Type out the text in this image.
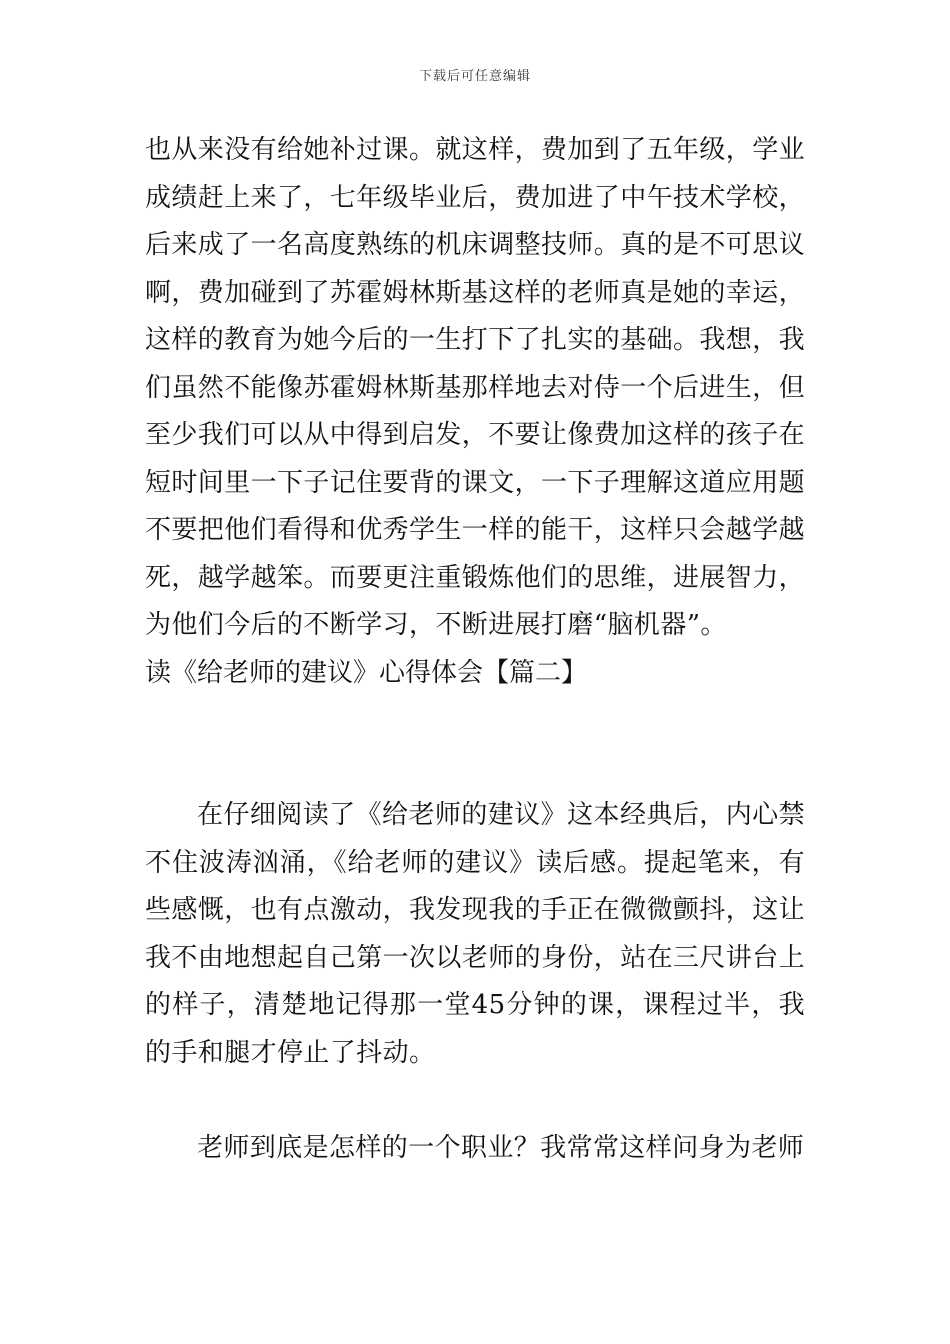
下载后可任意编辑

也从来没有给她补过课。就这样，费加到了五年级，学业成绩赶上来了，七年级毕业后，费加进了中午技术学校，后来成了一名高度熟练的机床调整技师。真的是不可思议啊，费加碰到了苏霍姆林斯基这样的老师真是她的幸运，这样的教育为她今后的一生打下了扎实的基础。我想，我们虽然不能像苏霍姆林斯基那样地去对侍一个后进生，但至少我们可以从中得到启发，不要让像费加这样的孩子在短时间里一下子记住要背的课文，一下子理解这道应用题不要把他们看得和优秀学生一样的能干，这样只会越学越死，越学越笨。而要更注重锻炼他们的思维，进展智力，为他们今后的不断学习，不断进展打磨“脑机器”。

读《给老师的建议》心得体会【篇二】

在仔细阅读了《给老师的建议》这本经典后，内心禁不住波涛汹涌，《给老师的建议》读后感。提起笔来，有些感慨，也有点激动，我发现我的手正在微微颤抖，这让我不由地想起自己第一次以老师的身份，站在三尺讲台上的样子，清楚地记得那一堂45分钟的课，课程过半，我的手和腿才停止了抖动。

老师到底是怎样的一个职业？我常常这样问身为老师
